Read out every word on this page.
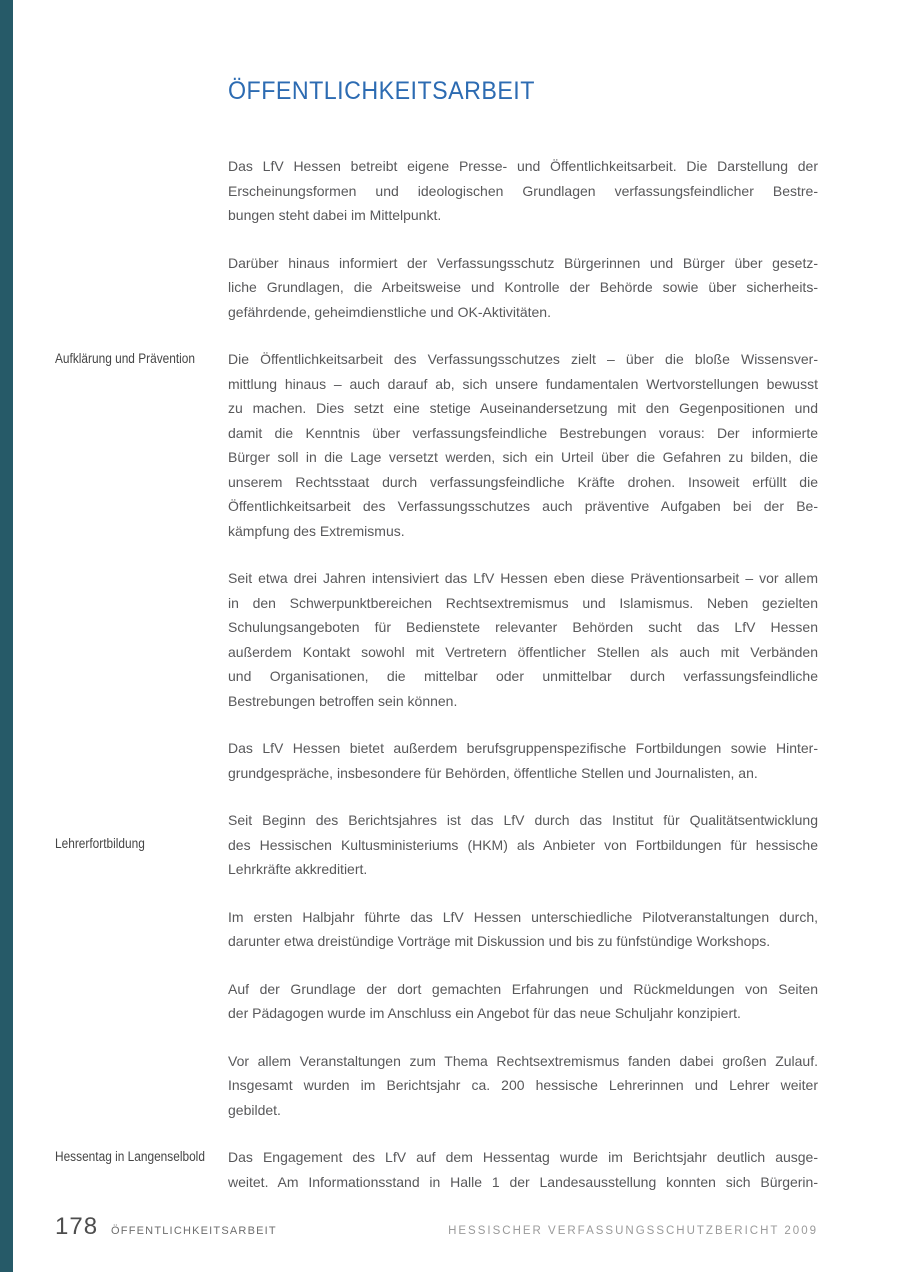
ÖFFENTLICHKEITSARBEIT
Aufklärung und Prävention
Lehrerfortbildung
Hessentag in Langenselbold
Das LfV Hessen betreibt eigene Presse- und Öffentlichkeitsarbeit. Die Darstellung der
Erscheinungsformen und ideologischen Grundlagen verfassungsfeindlicher Bestre-
bungen steht dabei im Mittelpunkt.
Darüber hinaus informiert der Verfassungsschutz Bürgerinnen und Bürger über gesetz-
liche Grundlagen, die Arbeitsweise und Kontrolle der Behörde sowie über sicherheits-
gefährdende, geheimdienstliche und OK-Aktivitäten.
Die Öffentlichkeitsarbeit des Verfassungsschutzes zielt – über die bloße Wissensver-
mittlung hinaus – auch darauf ab, sich unsere fundamentalen Wertvorstellungen bewusst
zu machen. Dies setzt eine stetige Auseinandersetzung mit den Gegenpositionen und
damit die Kenntnis über verfassungsfeindliche Bestrebungen voraus: Der informierte
Bürger soll in die Lage versetzt werden, sich ein Urteil über die Gefahren zu bilden, die
unserem Rechtsstaat durch verfassungsfeindliche Kräfte drohen. Insoweit erfüllt die
Öffentlichkeitsarbeit des Verfassungsschutzes auch präventive Aufgaben bei der Be-
kämpfung des Extremismus.
Seit etwa drei Jahren intensiviert das LfV Hessen eben diese Präventionsarbeit – vor allem
in den Schwerpunktbereichen Rechtsextremismus und Islamismus. Neben gezielten
Schulungsangeboten für Bedienstete relevanter Behörden sucht das LfV Hessen
außerdem Kontakt sowohl mit Vertretern öffentlicher Stellen als auch mit Verbänden
und Organisationen, die mittelbar oder unmittelbar durch verfassungsfeindliche
Bestrebungen betroffen sein können.
Das LfV Hessen bietet außerdem berufsgruppenspezifische Fortbildungen sowie Hinter-
grundgespräche, insbesondere für Behörden, öffentliche Stellen und Journalisten, an.
Seit Beginn des Berichtsjahres ist das LfV durch das Institut für Qualitätsentwicklung
des Hessischen Kultusministeriums (HKM) als Anbieter von Fortbildungen für hessische
Lehrkräfte akkreditiert.
Im ersten Halbjahr führte das LfV Hessen unterschiedliche Pilotveranstaltungen durch,
darunter etwa dreistündige Vorträge mit Diskussion und bis zu fünfstündige Workshops.
Auf der Grundlage der dort gemachten Erfahrungen und Rückmeldungen von Seiten
der Pädagogen wurde im Anschluss ein Angebot für das neue Schuljahr konzipiert.
Vor allem Veranstaltungen zum Thema Rechtsextremismus fanden dabei großen Zulauf.
Insgesamt wurden im Berichtsjahr ca. 200 hessische Lehrerinnen und Lehrer weiter
gebildet.
Das Engagement des LfV auf dem Hessentag wurde im Berichtsjahr deutlich ausge-
weitet. Am Informationsstand in Halle 1 der Landesausstellung konnten sich Bürgerin-
178 ÖFFENTLICHKEITSARBEIT	HESSISCHER VERFASSUNGSSCHUTZBERICHT 2009
